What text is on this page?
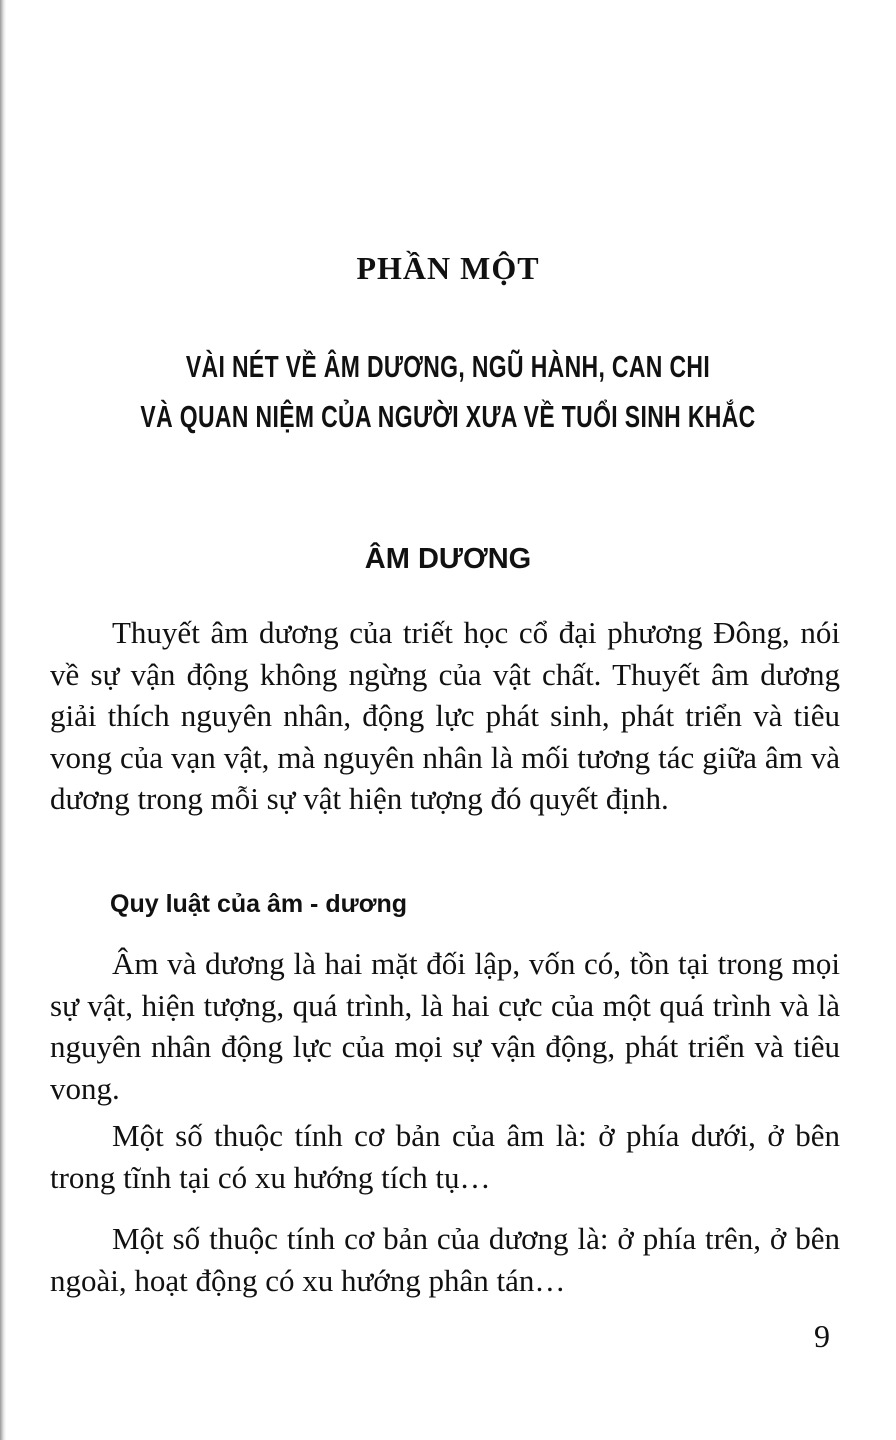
PHẦN MỘT
VÀI NÉT VỀ ÂM DƯƠNG, NGŨ HÀNH, CAN CHI
VÀ QUAN NIỆM CỦA NGƯỜI XƯA VỀ TUỔI SINH KHẮC
ÂM DƯƠNG

Thuyết âm dương của triết học cổ đại phương Đông, nói về sự vận động không ngừng của vật chất. Thuyết âm dương giải thích nguyên nhân, động lực phát sinh, phát triển và tiêu vong của vạn vật, mà nguyên nhân là mối tương tác giữa âm và dương trong mỗi sự vật hiện tượng đó quyết định.

Quy luật của âm - dương

Âm và dương là hai mặt đối lập, vốn có, tồn tại trong mọi sự vật, hiện tượng, quá trình, là hai cực của một quá trình và là nguyên nhân động lực của mọi sự vận động, phát triển và tiêu vong.

Một số thuộc tính cơ bản của âm là: ở phía dưới, ở bên trong tĩnh tại có xu hướng tích tụ…

Một số thuộc tính cơ bản của dương là: ở phía trên, ở bên ngoài, hoạt động có xu hướng phân tán…

9
